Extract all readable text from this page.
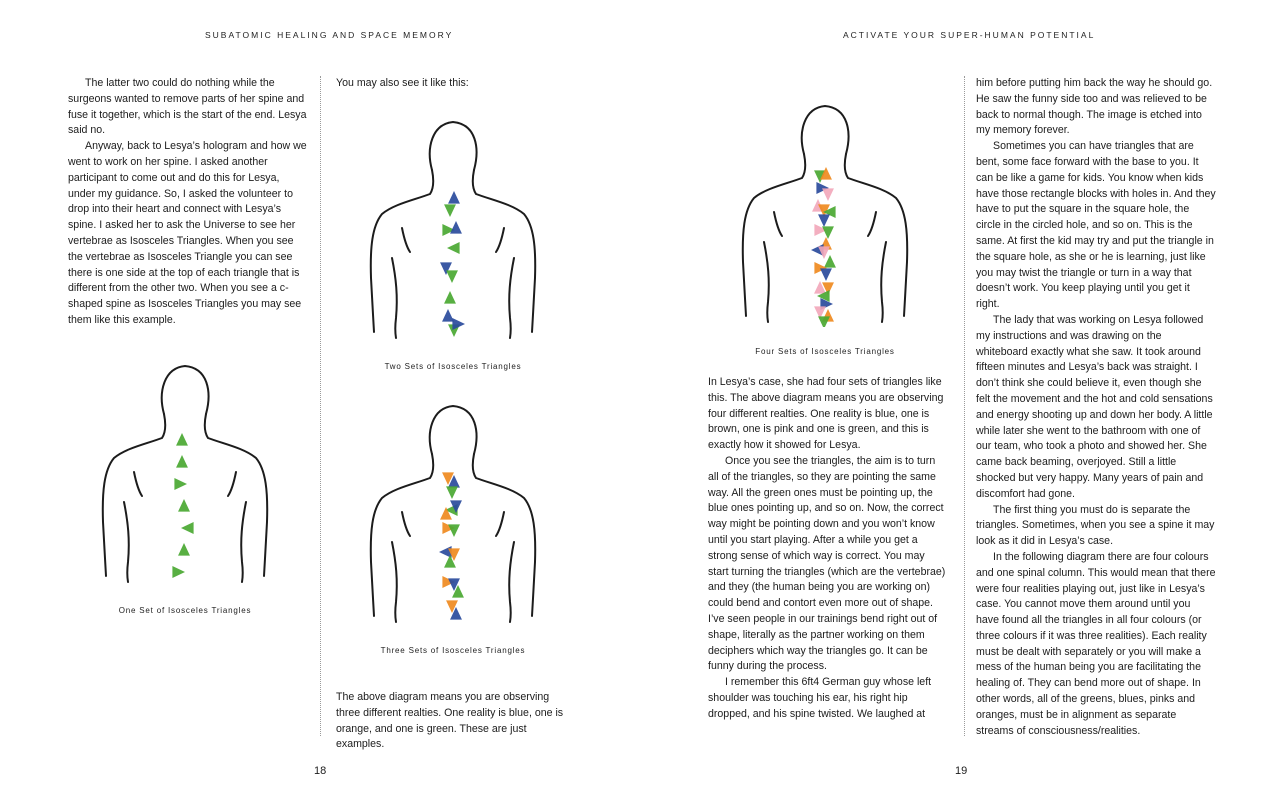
SUBATOMIC HEALING AND SPACE MEMORY

The latter two could do nothing while the surgeons wanted to remove parts of her spine and fuse it together, which is the start of the end. Lesya said no.

Anyway, back to Lesya’s hologram and how we went to work on her spine. I asked another participant to come out and do this for Lesya, under my guidance. So, I asked the volunteer to drop into their heart and connect with Lesya’s spine. I asked her to ask the Universe to see her vertebrae as Isosceles Triangles. When you see the vertebrae as Isosceles Triangle you can see there is one side at the top of each triangle that is different from the other two. When you see a c-shaped spine as Isosceles Triangles you may see them like this example.

One Set of Isosceles Triangles

You may also see it like this:

Two Sets of Isosceles Triangles
Three Sets of Isosceles Triangles
The above diagram means you are observing three different realties. One reality is blue, one is orange, and one is green. These are just examples.
18
ACTIVATE YOUR SUPER-HUMAN POTENTIAL
Four Sets of Isosceles Triangles

In Lesya’s case, she had four sets of triangles like this. The above diagram means you are observing four different realties. One reality is blue, one is brown, one is pink and one is green, and this is exactly how it showed for Lesya.

Once you see the triangles, the aim is to turn all of the triangles, so they are pointing the same way. All the green ones must be pointing up, the blue ones pointing up, and so on. Now, the correct way might be pointing down and you won’t know until you start playing. After a while you get a strong sense of which way is correct. You may start turning the triangles (which are the vertebrae) and they (the human being you are working on) could bend and contort even more out of shape. I’ve seen people in our trainings bend right out of shape, literally as the partner working on them deciphers which way the triangles go. It can be funny during the process.

I remember this 6ft4 German guy whose left shoulder was touching his ear, his right hip dropped, and his spine twisted. We laughed at

him before putting him back the way he should go. He saw the funny side too and was relieved to be back to normal though. The image is etched into my memory forever.

Sometimes you can have triangles that are bent, some face forward with the base to you. It can be like a game for kids. You know when kids have those rectangle blocks with holes in. And they have to put the square in the square hole, the circle in the circled hole, and so on. This is the same. At first the kid may try and put the triangle in the square hole, as she or he is learning, just like you may twist the triangle or turn in a way that doesn’t work. You keep playing until you get it right.

The lady that was working on Lesya followed my instructions and was drawing on the whiteboard exactly what she saw. It took around fifteen minutes and Lesya’s back was straight. I don’t think she could believe it, even though she felt the movement and the hot and cold sensations and energy shooting up and down her body. A little while later she went to the bathroom with one of our team, who took a photo and showed her. She came back beaming, overjoyed. Still a little shocked but very happy. Many years of pain and discomfort had gone.

The first thing you must do is separate the triangles. Sometimes, when you see a spine it may look as it did in Lesya’s case.

In the following diagram there are four colours and one spinal column. This would mean that there were four realities playing out, just like in Lesya’s case. You cannot move them around until you have found all the triangles in all four colours (or three colours if it was three realities). Each reality must be dealt with separately or you will make a mess of the human being you are facilitating the healing of. They can bend more out of shape. In other words, all of the greens, blues, pinks and oranges, must be in alignment as separate streams of consciousness/realities.

19
